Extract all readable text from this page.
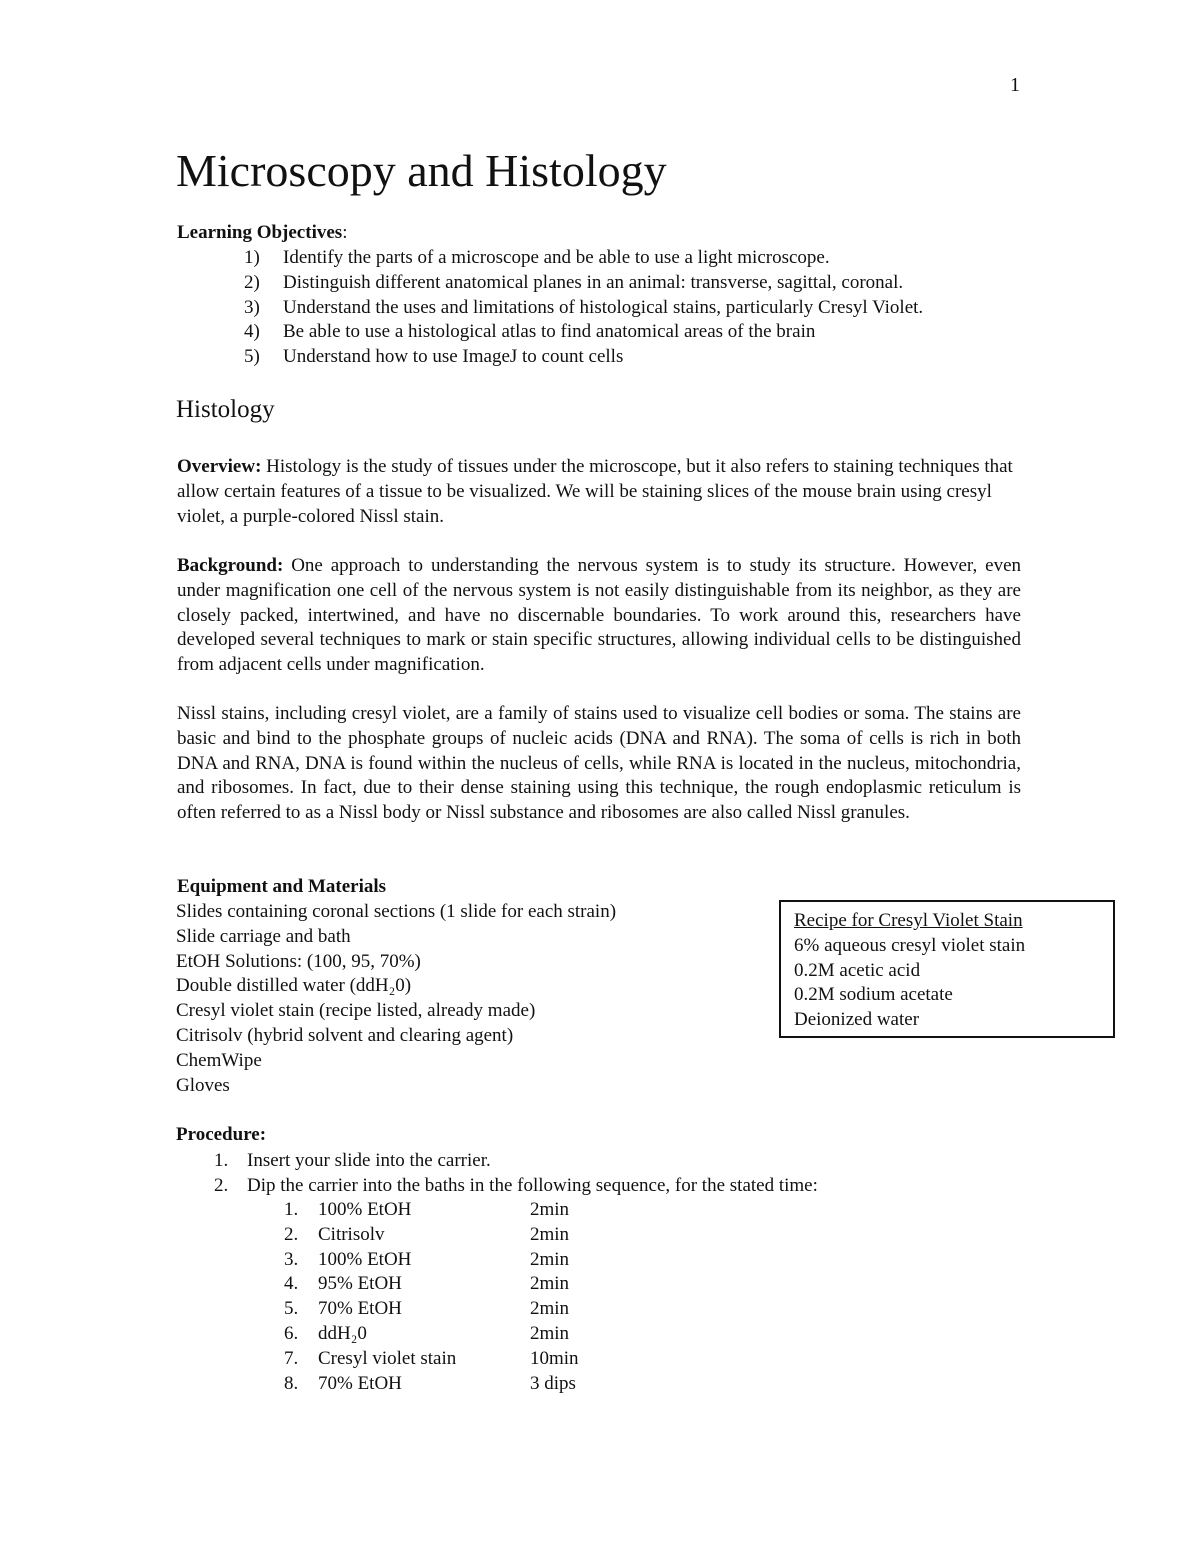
1
Microscopy and Histology
Learning Objectives:
1)	Identify the parts of a microscope and be able to use a light microscope.
2)	Distinguish different anatomical planes in an animal: transverse, sagittal, coronal.
3)	Understand the uses and limitations of histological stains, particularly Cresyl Violet.
4)	Be able to use a histological atlas to find anatomical areas of the brain
5)	Understand how to use ImageJ to count cells
Histology

Overview: Histology is the study of tissues under the microscope, but it also refers to staining techniques that allow certain features of a tissue to be visualized. We will be staining slices of the mouse brain using cresyl violet, a purple-colored Nissl stain.

Background: One approach to understanding the nervous system is to study its structure. However, even under magnification one cell of the nervous system is not easily distinguishable from its neighbor, as they are closely packed, intertwined, and have no discernable boundaries. To work around this, researchers have developed several techniques to mark or stain specific structures, allowing individual cells to be distinguished from adjacent cells under magnification.

Nissl stains, including cresyl violet, are a family of stains used to visualize cell bodies or soma. The stains are basic and bind to the phosphate groups of nucleic acids (DNA and RNA). The soma of cells is rich in both DNA and RNA, DNA is found within the nucleus of cells, while RNA is located in the nucleus, mitochondria, and ribosomes. In fact, due to their dense staining using this technique, the rough endoplasmic reticulum is often referred to as a Nissl body or Nissl substance and ribosomes are also called Nissl granules.

Equipment and Materials
Slides containing coronal sections (1 slide for each strain)
Slide carriage and bath
EtOH Solutions: (100, 95, 70%)
Double distilled water (ddH₂0)
Cresyl violet stain (recipe listed, already made)
Citrisolv (hybrid solvent and clearing agent)
ChemWipe
Gloves
Recipe for Cresyl Violet Stain
6% aqueous cresyl violet stain
0.2M acetic acid
0.2M sodium acetate
Deionized water
Procedure:
1. Insert your slide into the carrier.
2. Dip the carrier into the baths in the following sequence, for the stated time:
1.	100% EtOH	2min
2.	Citrisolv	2min
3.	100% EtOH	2min
4.	95% EtOH	2min
5.	70% EtOH	2min
6.	ddH₂0	2min
7.	Cresyl violet stain	10min
8.	70% EtOH	3 dips
